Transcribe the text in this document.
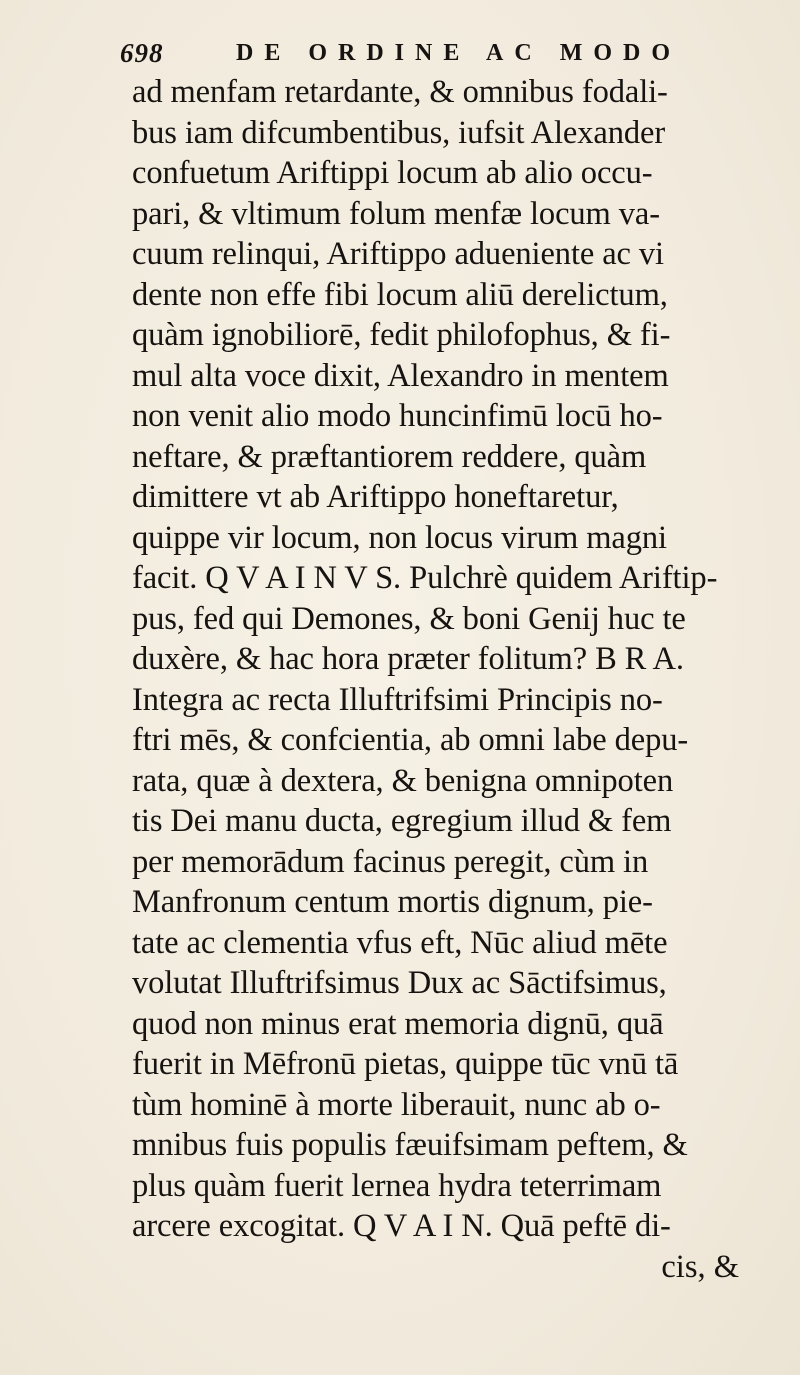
698	DE ORDINE AC MODO
ad menfam retardante, & omnibus fodali-
bus iam difcumbentibus, iufsit Alexander
confuetum Ariftippi locum ab alio occu-
pari, & vltimum folum menfæ locum va-
cuum relinqui, Ariftippo adueniente ac vi
dente non effe fibi locum aliū derelictum,
quàm ignobiliorē, fedit philofophus, & fi-
mul alta voce dixit, Alexandro in mentem
non venit alio modo huncinfimū locū ho-
neftare, & præftantiorem reddere, quàm
dimittere vt ab Ariftippo honeftaretur,
quippe vir locum, non locus virum magni
facit. Q V A I N V S. Pulchrè quidem Ariftip-
pus, fed qui Demones, & boni Genij huc te
duxère, & hac hora præter folitum? B R A.
Integra ac recta Illuftrifsimi Principis no-
ftri mēs, & confcientia, ab omni labe depu-
rata, quæ à dextera, & benigna omnipoten
tis Dei manu ducta, egregium illud & fem
per memorādum facinus peregit, cùm in
Manfronum centum mortis dignum, pie-
tate ac clementia vfus eft, Nūc aliud mēte
volutat Illuftrifsimus Dux ac Sāctifsimus,
quod non minus erat memoria dignū, quā
fuerit in Mēfronū pietas, quippe tūc vnū tā
tùm hominē à morte liberauit, nunc ab o-
mnibus fuis populis fæuifsimam peftem, &
plus quàm fuerit lernea hydra teterrimam
arcere excogitat. Q V A I N. Quā peftē di-
cis, &
